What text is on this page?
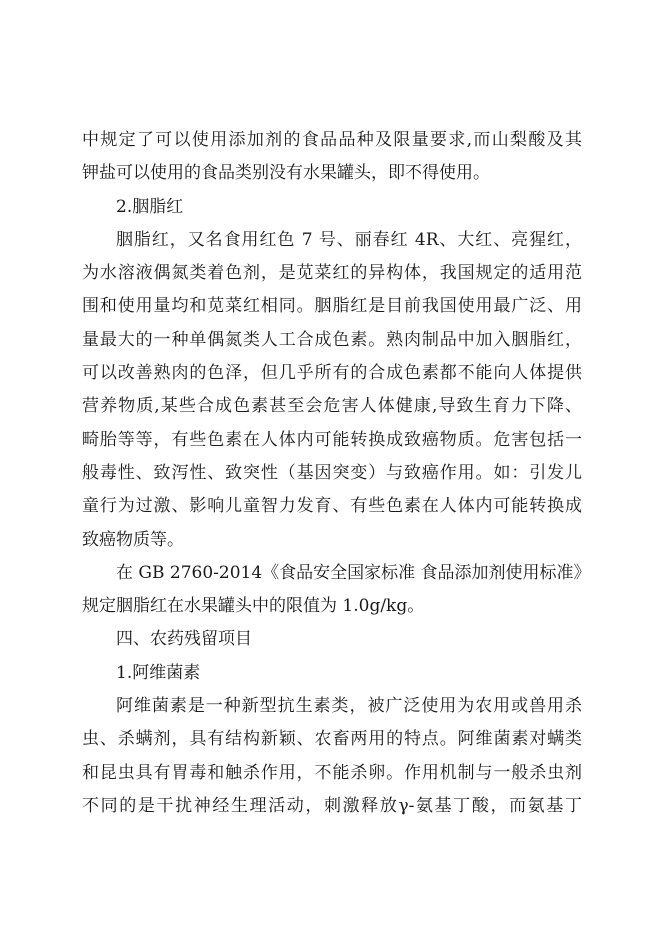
中规定了可以使用添加剂的食品品种及限量要求,而山梨酸及其
钾盐可以使用的食品类别没有水果罐头，即不得使用。

2.胭脂红

胭脂红，又名食用红色 7 号、丽春红 4R、大红、亮猩红，
为水溶液偶氮类着色剂，是苋菜红的异构体，我国规定的适用范
围和使用量均和苋菜红相同。胭脂红是目前我国使用最广泛、用
量最大的一种单偶氮类人工合成色素。熟肉制品中加入胭脂红，
可以改善熟肉的色泽，但几乎所有的合成色素都不能向人体提供
营养物质,某些合成色素甚至会危害人体健康,导致生育力下降、
畸胎等等，有些色素在人体内可能转换成致癌物质。危害包括一
般毒性、致泻性、致突性（基因突变）与致癌作用。如：引发儿
童行为过激、影响儿童智力发育、有些色素在人体内可能转换成
致癌物质等。

在 GB 2760-2014《食品安全国家标准 食品添加剂使用标准》
规定胭脂红在水果罐头中的限值为 1.0g/kg。

四、农药残留项目

1.阿维菌素

阿维菌素是一种新型抗生素类，被广泛使用为农用或兽用杀
虫、杀螨剂，具有结构新颖、农畜两用的特点。阿维菌素对螨类
和昆虫具有胃毒和触杀作用，不能杀卵。作用机制与一般杀虫剂
不同的是干扰神经生理活动，刺激释放γ-氨基丁酸，而氨基丁
